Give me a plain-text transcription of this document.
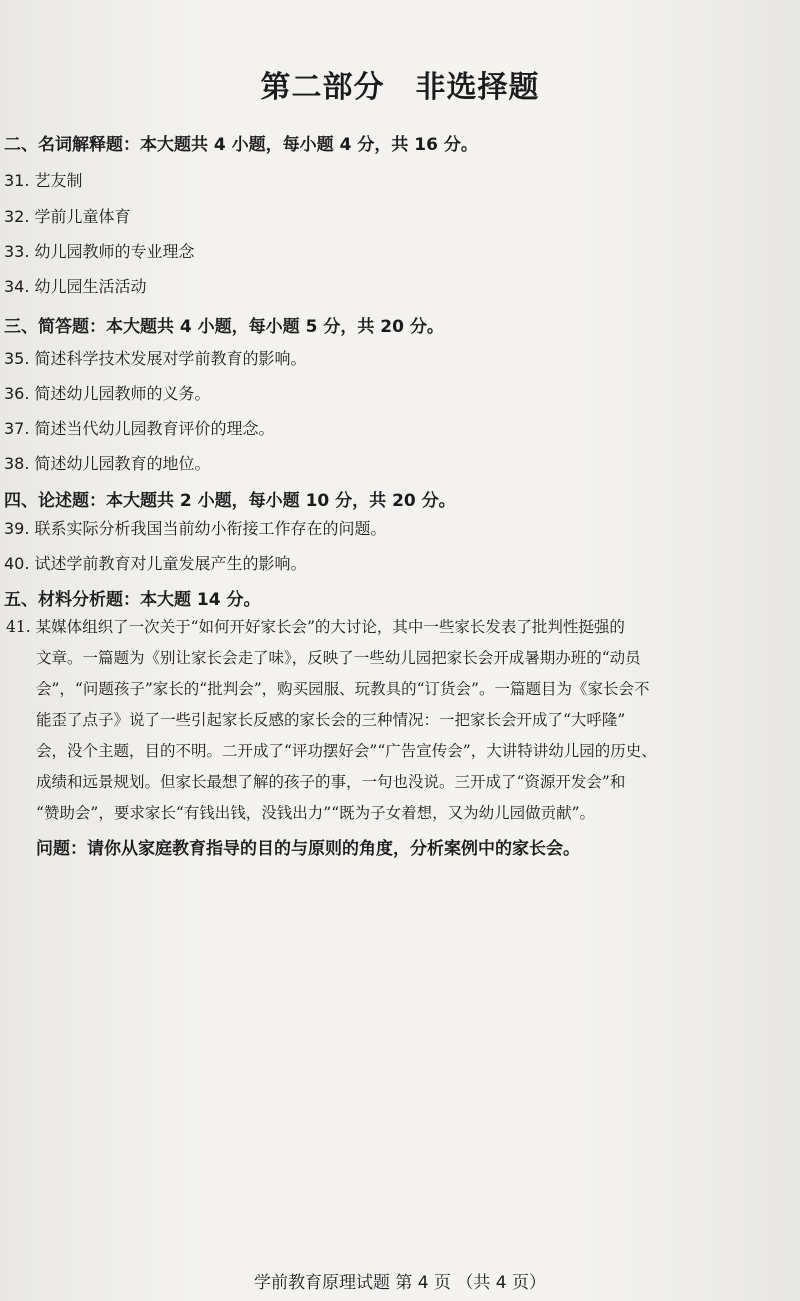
第二部分　非选择题
二、名词解释题：本大题共 4 小题，每小题 4 分，共 16 分。
31. 艺友制
32. 学前儿童体育
33. 幼儿园教师的专业理念
34. 幼儿园生活活动
三、简答题：本大题共 4 小题，每小题 5 分，共 20 分。
35. 简述科学技术发展对学前教育的影响。
36. 简述幼儿园教师的义务。
37. 简述当代幼儿园教育评价的理念。
38. 简述幼儿园教育的地位。
四、论述题：本大题共 2 小题，每小题 10 分，共 20 分。
39. 联系实际分析我国当前幼小衔接工作存在的问题。
40. 试述学前教育对儿童发展产生的影响。
五、材料分析题：本大题 14 分。
41. 某媒体组织了一次关于“如何开好家长会”的大讨论，其中一些家长发表了批判性挺强的
文章。一篇题为《别让家长会走了味》，反映了一些幼儿园把家长会开成暑期办班的“动员
会”，“问题孩子”家长的“批判会”，购买园服、玩教具的“订货会”。一篇题目为《家长会不
能歪了点子》说了一些引起家长反感的家长会的三种情况：一把家长会开成了“大呼隆”
会，没个主题，目的不明。二开成了“评功摆好会”“广告宣传会”，大讲特讲幼儿园的历史、
成绩和远景规划。但家长最想了解的孩子的事，一句也没说。三开成了“资源开发会”和
“赞助会”，要求家长“有钱出钱，没钱出力”“既为子女着想，又为幼儿园做贡献”。
问题：请你从家庭教育指导的目的与原则的角度，分析案例中的家长会。
学前教育原理试题 第 4 页 （共 4 页）
